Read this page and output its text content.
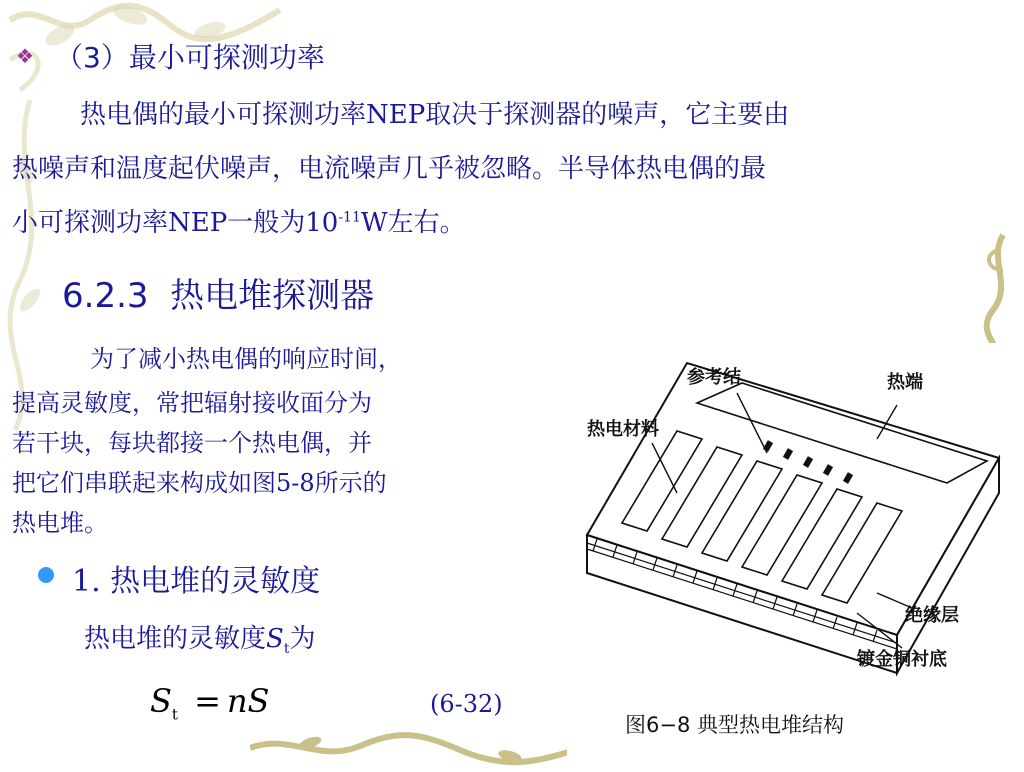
❖ （3）最小可探测功率
热电偶的最小可探测功率NEP取决于探测器的噪声，它主要由
热噪声和温度起伏噪声，电流噪声几乎被忽略。半导体热电偶的最
小可探测功率NEP一般为$10^{-11}W$左右。
6.2.3 热电堆探测器
为了减小热电偶的响应时间，
提高灵敏度，常把辐射接收面分为
若干块，每块都接一个热电偶，并
把它们串联起来构成如图5-8所示的
热电堆。
1. 热电堆的灵敏度
热电堆的灵敏度$S_t$为
$S_t$ = nS	(6-32)
参考结	热端
热电材料
绝缘层
镀金铜衬底
图6−8 典型热电堆结构
